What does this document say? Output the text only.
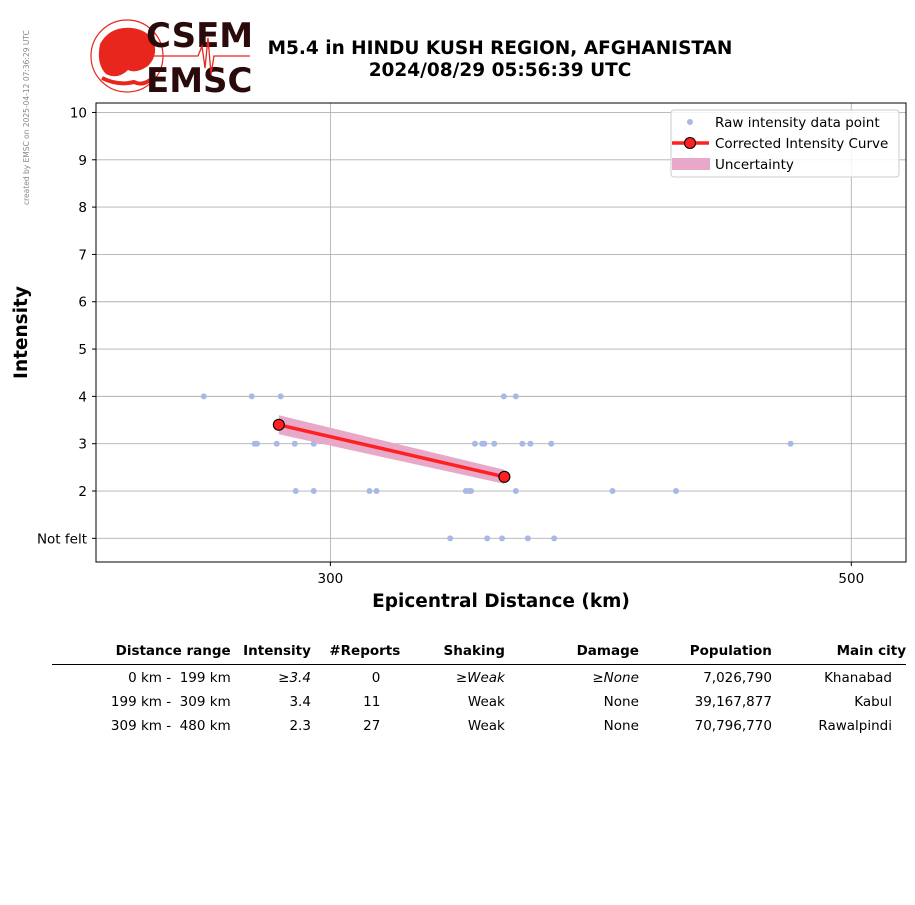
created by EMSC on 2025-04-12 07:36:29 UTC	CSEM
EMSC
M5.4 in HINDU KUSH REGION, AFGHANISTAN
2024/08/29 05:56:39 UTC
Not felt
2
3
4
5
6
7
8
9
10
300	500
Epicentral Distance (km)
Intensity
Raw intensity data point
Corrected Intensity Curve
Uncertainty
Distance range	Intensity	#Reports	Shaking	Damage	Population	Main city
0 km -  199 km	≥3.4	0	≥Weak	≥None	7,026,790	Khanabad
199 km -  309 km	3.4	11	Weak	None	39,167,877	Kabul
309 km -  480 km	2.3	27	Weak	None	70,796,770	Rawalpindi
